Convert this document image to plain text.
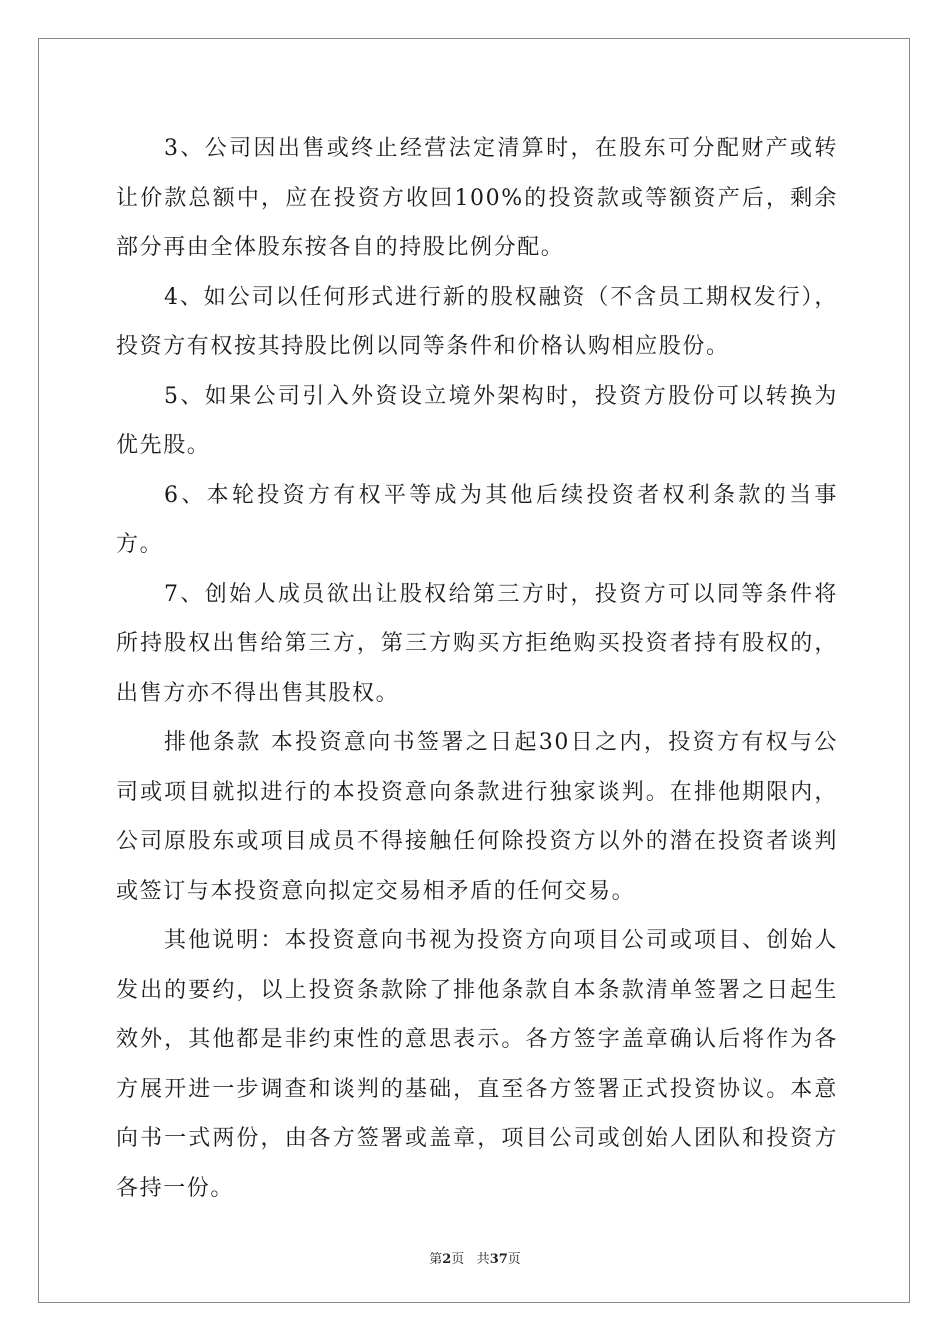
3、公司因出售或终止经营法定清算时，在股东可分配财产或转让价款总额中，应在投资方收回100%的投资款或等额资产后，剩余部分再由全体股东按各自的持股比例分配。

4、如公司以任何形式进行新的股权融资（不含员工期权发行），投资方有权按其持股比例以同等条件和价格认购相应股份。

5、如果公司引入外资设立境外架构时，投资方股份可以转换为优先股。

6、本轮投资方有权平等成为其他后续投资者权利条款的当事方。

7、创始人成员欲出让股权给第三方时，投资方可以同等条件将所持股权出售给第三方，第三方购买方拒绝购买投资者持有股权的，出售方亦不得出售其股权。

排他条款 本投资意向书签署之日起30日之内，投资方有权与公司或项目就拟进行的本投资意向条款进行独家谈判。在排他期限内，公司原股东或项目成员不得接触任何除投资方以外的潜在投资者谈判或签订与本投资意向拟定交易相矛盾的任何交易。

其他说明：本投资意向书视为投资方向项目公司或项目、创始人发出的要约，以上投资条款除了排他条款自本条款清单签署之日起生效外，其他都是非约束性的意思表示。各方签字盖章确认后将作为各方展开进一步调查和谈判的基础，直至各方签署正式投资协议。本意向书一式两份，由各方签署或盖章，项目公司或创始人团队和投资方各持一份。

第2页 共37页
